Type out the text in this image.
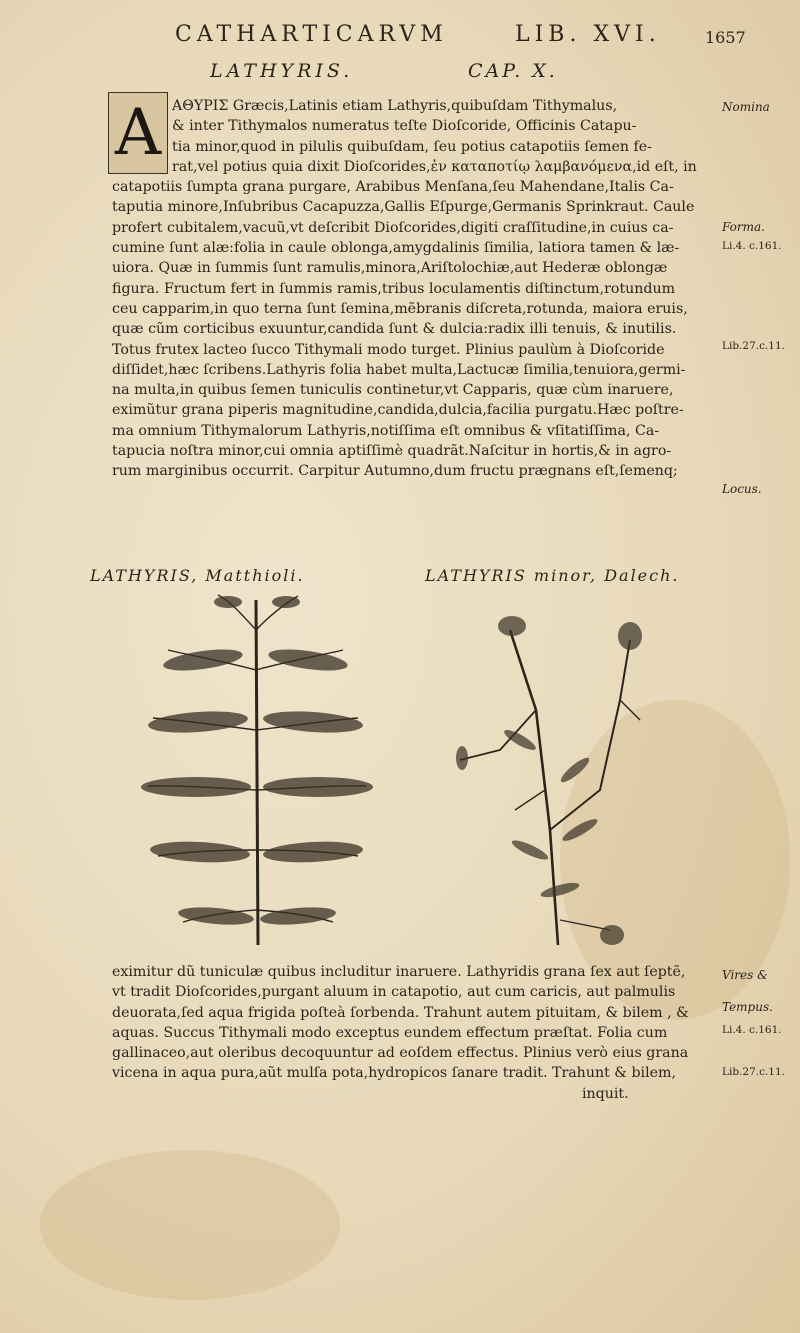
CATHARTICARVM	LIB. XVI.	1657
LATHYRIS.	CAP. X.
A ΑΘΥΡΙΣ Græcis,Latinis etiam Lathyris,quibuſdam Tithymalus,
& inter Tithymalos numeratus teſte Dioſcoride, Officinis Catapu-
tia minor,quod in pilulis quibuſdam, ſeu potius catapotiis ſemen fe-
rat,vel potius quia dixit Dioſcorides,ἐν καταποτίῳ λαμβανόμενα,id eſt, in
catapotiis ſumpta grana purgare, Arabibus Menſana,ſeu Mahendane,Italis Ca-
taputia minore,Inſubribus Cacapuzza,Gallis Eſpurge,Germanis Sprinkraut. Caule
profert cubitalem,vacuũ,vt deſcribit Dioſcorides,digiti craſſitudine,in cuius ca-
cumine ſunt alæ:folia in caule oblonga,amygdalinis ſimilia, latiora tamen & læ-
uiora. Quæ in ſummis ſunt ramulis,minora,Ariſtolochiæ,aut Hederæ oblongæ
figura. Fructum fert in ſummis ramis,tribus loculamentis diſtinctum,rotundum
ceu capparim,in quo terna ſunt ſemina,mẽbranis diſcreta,rotunda, maiora eruis,
quæ cũm corticibus exuuntur,candida ſunt & dulcia:radix illi tenuis, & inutilis.
Totus frutex lacteo ſucco Tithymali modo turget. Plinius paulùm à Dioſcoride
diſſidet,hæc ſcribens.Lathyris folia habet multa,Lactucæ ſimilia,tenuiora,germi-
na multa,in quibus ſemen tuniculis continetur,vt Capparis, quæ cùm inaruere,
eximũtur grana piperis magnitudine,candida,dulcia,facilia purgatu.Hæc poſtre-
ma omnium Tithymalorum Lathyris,notiſſima eſt omnibus & vſitatiſſima, Ca-
tapucia noſtra minor,cui omnia aptiſſimè quadrãt.Naſcitur in hortis,& in agro-
rum marginibus occurrit. Carpitur Autumno,dum fructu prægnans eſt,ſemenq;
Nomina
Forma.
Li.4. c.161.
Lib.27.c.11.
Locus.
LATHYRIS, Matthioli.	LATHYRIS minor, Dalech.
eximitur dũ tuniculæ quibus includitur inaruere. Lathyridis grana ſex aut ſeptẽ,
vt tradit Dioſcorides,purgant aluum in catapotio, aut cum caricis, aut palmulis
deuorata,ſed aqua frigida poſteà ſorbenda. Trahunt autem pituitam, & bilem , &
aquas. Succus Tithymali modo exceptus eundem effectum præſtat. Folia cum
gallinaceo,aut oleribus decoquuntur ad eoſdem effectus. Plinius verò eius grana
vicena in aqua pura,aũt mulſa pota,hydropicos ſanare tradit. Trahunt & bilem,
inquit.
Vires &
Tempus.
Li.4. c.161.
Lib.27.c.11.
